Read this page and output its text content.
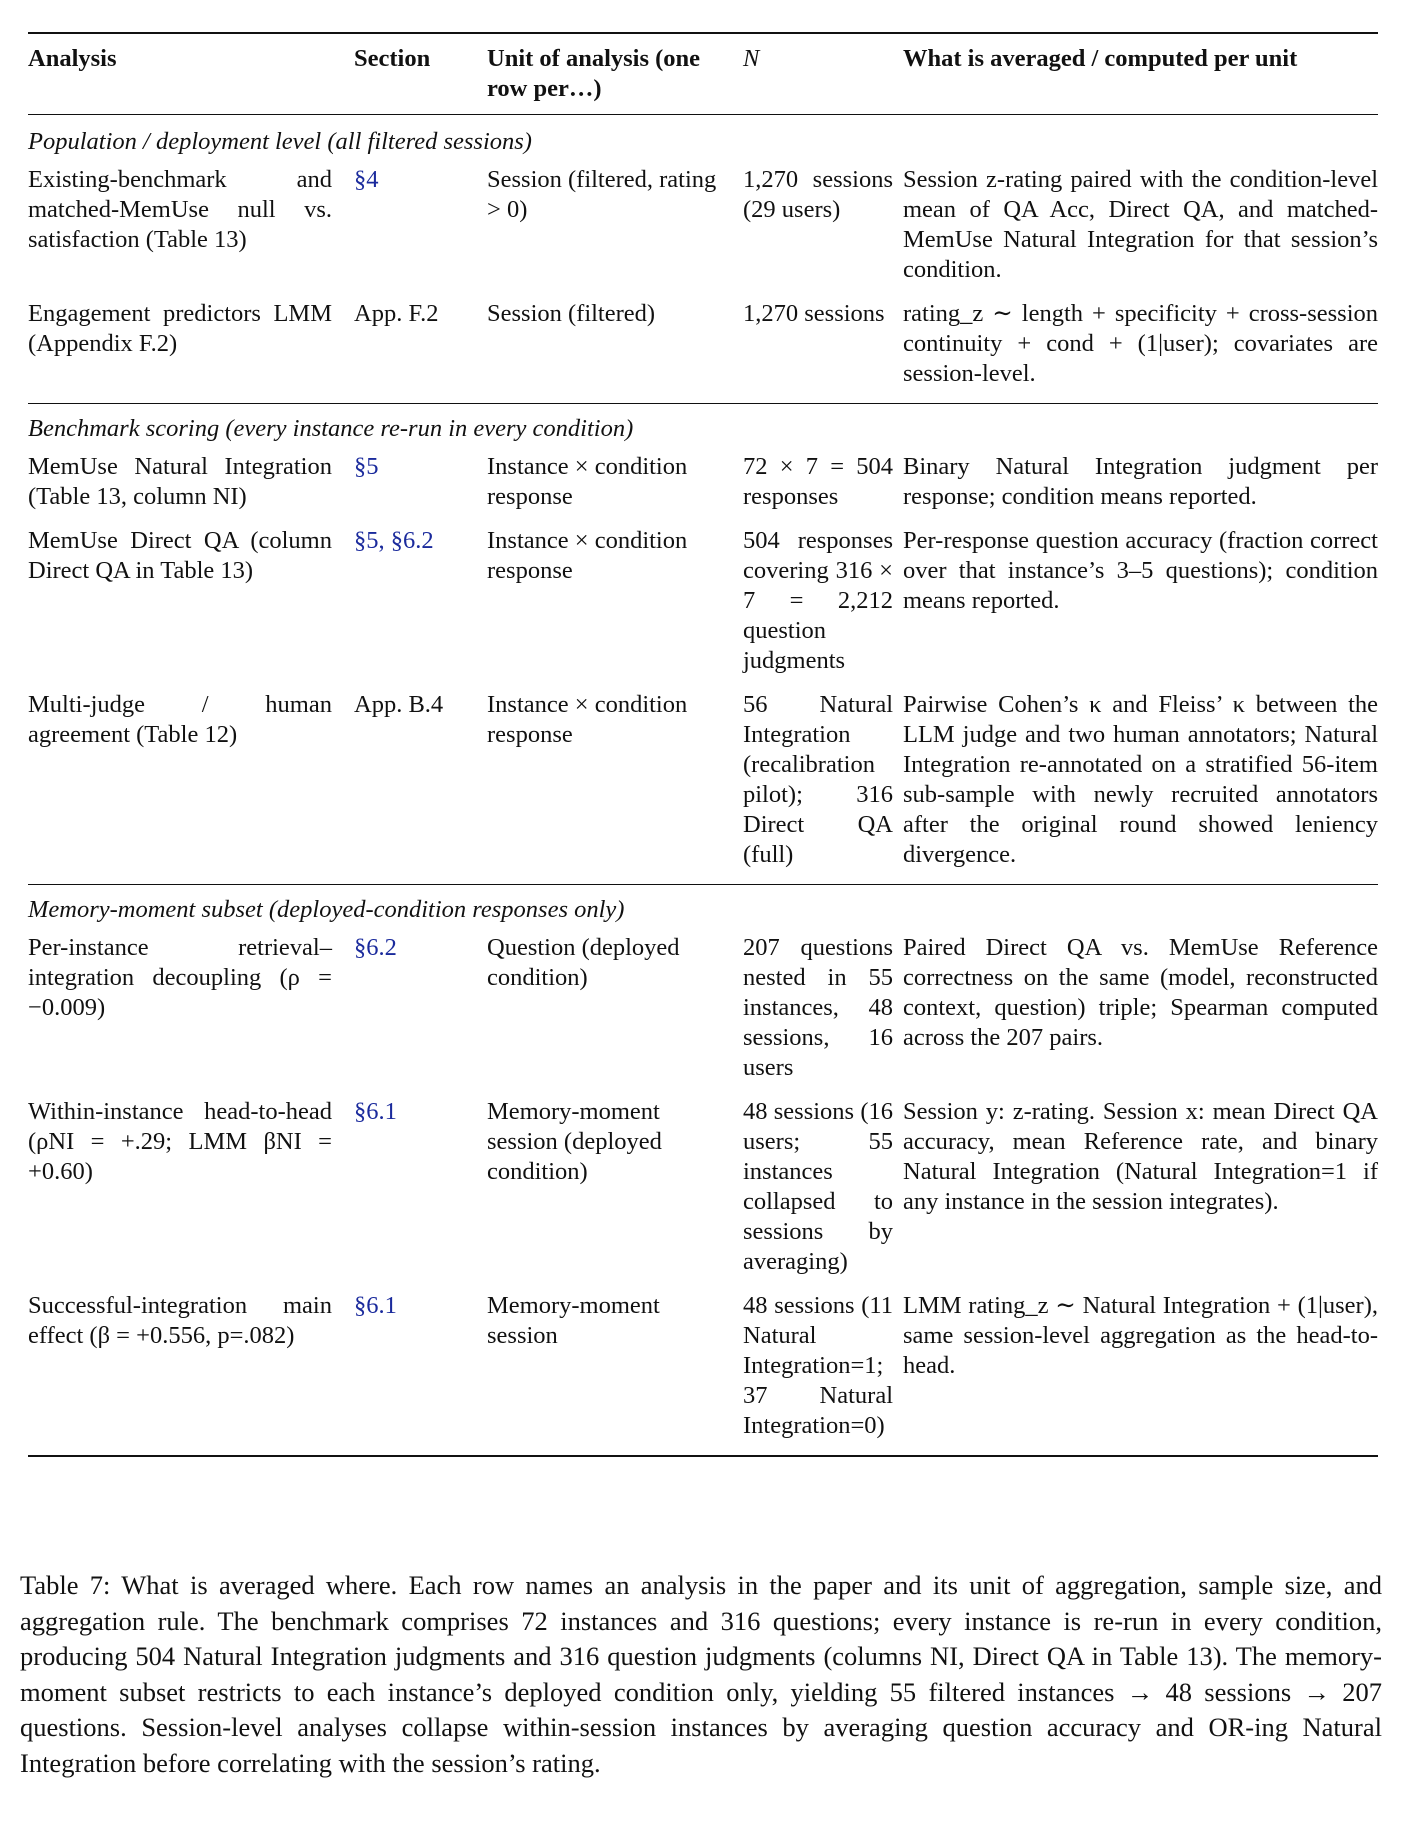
Analysis	Section	Unit of analysis (one row per…)	N	What is averaged / computed per unit
Population / deployment level (all filtered sessions)				
Existing-benchmark and matched-MemUse null vs. satisfaction (Table 13)	§4	Session (filtered, rating > 0)	1,270 sessions (29 users)	Session z-rating paired with the condition-level mean of QA Acc, Direct QA, and matched-MemUse Natural Integration for that session’s condition.
Engagement predictors LMM (Appendix F.2)	App. F.2	Session (filtered)	1,270 sessions	rating_z ∼ length + specificity + cross-session continuity + cond + (1|user); covariates are session-level.
Benchmark scoring (every instance re-run in every condition)				
MemUse Natural Integration (Table 13, column NI)	§5	Instance × condition response	72 × 7 = 504 responses	Binary Natural Integration judgment per response; condition means reported.
MemUse Direct QA (column Direct QA in Table 13)	§5, §6.2	Instance × condition response	504 responses covering 316 × 7 = 2,212 question judgments	Per-response question accuracy (fraction correct over that instance’s 3–5 questions); condition means reported.
Multi-judge / human agreement (Table 12)	App. B.4	Instance × condition response	56 Natural Integration (recalibration pilot); 316 Direct QA (full)	Pairwise Cohen’s κ and Fleiss’ κ between the LLM judge and two human annotators; Natural Integration re-annotated on a stratified 56-item sub-sample with newly recruited annotators after the original round showed leniency divergence.
Memory-moment subset (deployed-condition responses only)				
Per-instance retrieval–integration decoupling (ρ = −0.009)	§6.2	Question (deployed condition)	207 questions nested in 55 instances, 48 sessions, 16 users	Paired Direct QA vs. MemUse Reference correctness on the same (model, reconstructed context, question) triple; Spearman computed across the 207 pairs.
Within-instance head-to-head (ρNI = +.29; LMM βNI = +0.60)	§6.1	Memory-moment session (deployed condition)	48 sessions (16 users; 55 instances collapsed to sessions by averaging)	Session y: z-rating. Session x: mean Direct QA accuracy, mean Reference rate, and binary Natural Integration (Natural Integration=1 if any instance in the session integrates).
Successful-integration main effect (β = +0.556, p=.082)	§6.1	Memory-moment session	48 sessions (11 Natural Integration=1; 37 Natural Integration=0)	LMM rating_z ∼ Natural Integration + (1|user), same session-level aggregation as the head-to-head.

Table 7: What is averaged where. Each row names an analysis in the paper and its unit of aggregation, sample size, and aggregation rule. The benchmark comprises 72 instances and 316 questions; every instance is re-run in every condition, producing 504 Natural Integration judgments and 316 question judgments (columns NI, Direct QA in Table 13). The memory-moment subset restricts to each instance’s deployed condition only, yielding 55 filtered instances → 48 sessions → 207 questions. Session-level analyses collapse within-session instances by averaging question accuracy and OR-ing Natural Integration before correlating with the session’s rating.
